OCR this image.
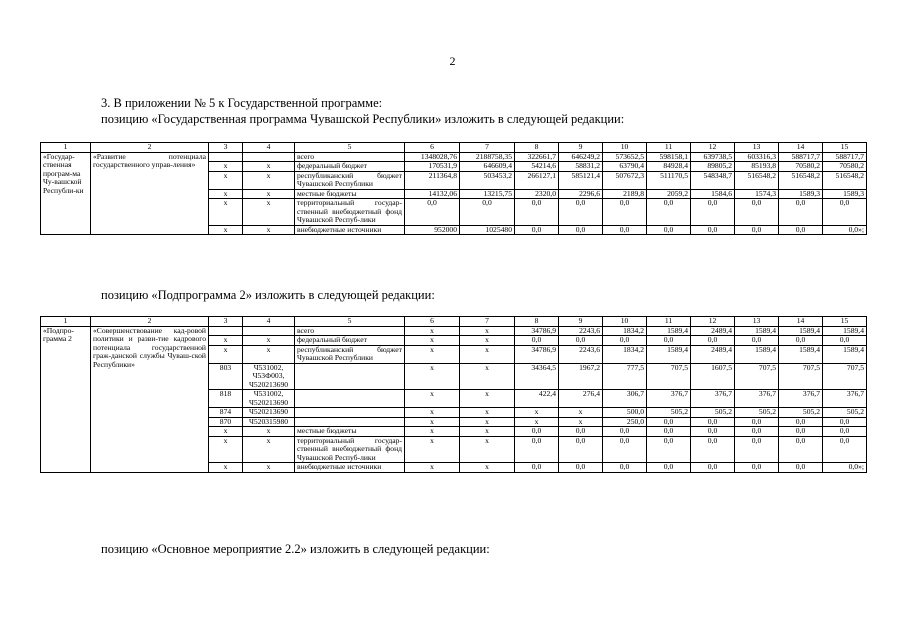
2
3. В приложении № 5 к Государственной программе:
позицию «Государственная программа Чувашской Республики» изложить в следующей редакции:
1	2	3	4	5	6	7	8	9	10	11	12	13	14	15
«Государ-ственная програм-ма Чу-вашской Республи-ки	«Развитие потенциала государственного управ-ления»			всего	1348028,76	2188758,35	322661,7	646249,2	573652,5	598158,1	639738,5	603316,3	588717,7	588717,7
		х	х	федеральный бюджет	170531,9	646609,4	54214,6	58831,2	63790,4	84928,4	89805,2	85193,8	70580,2	70580,2
		х	х	республиканский бюджет Чувашской Республики	211364,8	503453,2	266127,1	585121,4	507672,3	511170,5	548348,7	516548,2	516548,2	516548,2
		х	х	местные бюджеты	14132,06	13215,75	2320,0	2296,6	2189,8	2059,2	1584,6	1574,3	1589,3	1589,3
		х	х	территориальный государ-ственный внебюджетный фонд Чувашской Респуб-лики	0,0	0,0	0,0	0,0	0,0	0,0	0,0	0,0	0,0	0,0
		х	х	внебюджетные источники	952000	1025480	0,0	0,0	0,0	0,0	0,0	0,0	0,0	0,0»;
позицию «Подпрограмма 2» изложить в следующей редакции:
1	2	3	4	5	6	7	8	9	10	11	12	13	14	15
«Подпро-грамма 2	«Совершенствование кад-ровой политики и разви-тие кадрового потенциала государственной граж-данской службы Чуваш-ской Республики»			всего	х	х	34786,9	2243,6	1834,2	1589,4	2489,4	1589,4	1589,4	1589,4
		х	х	федеральный бюджет	х	х	0,0	0,0	0,0	0,0	0,0	0,0	0,0	0,0
		х	х	республиканский бюджет Чувашской Республики	х	х	34786,9	2243,6	1834,2	1589,4	2489,4	1589,4	1589,4	1589,4
		803	Ч531002, Ч53Ф003, Ч520213690		х	х	34364,5	1967,2	777,5	707,5	1607,5	707,5	707,5	707,5
		818	Ч531002, Ч520213690		х	х	422,4	276,4	306,7	376,7	376,7	376,7	376,7	376,7
		874	Ч520213690		х	х	х	х	500,0	505,2	505,2	505,2	505,2	505,2
		870	Ч520315980		х	х	х	х	250,0	0,0	0,0	0,0	0,0	0,0
		х	х	местные бюджеты	х	х	0,0	0,0	0,0	0,0	0,0	0,0	0,0	0,0
		х	х	территориальный государ-ственный внебюджетный фонд Чувашской Респуб-лики	х	х	0,0	0,0	0,0	0,0	0,0	0,0	0,0	0,0
		х	х	внебюджетные источники	х	х	0,0	0,0	0,0	0,0	0,0	0,0	0,0	0,0»;
позицию «Основное мероприятие 2.2» изложить в следующей редакции:
